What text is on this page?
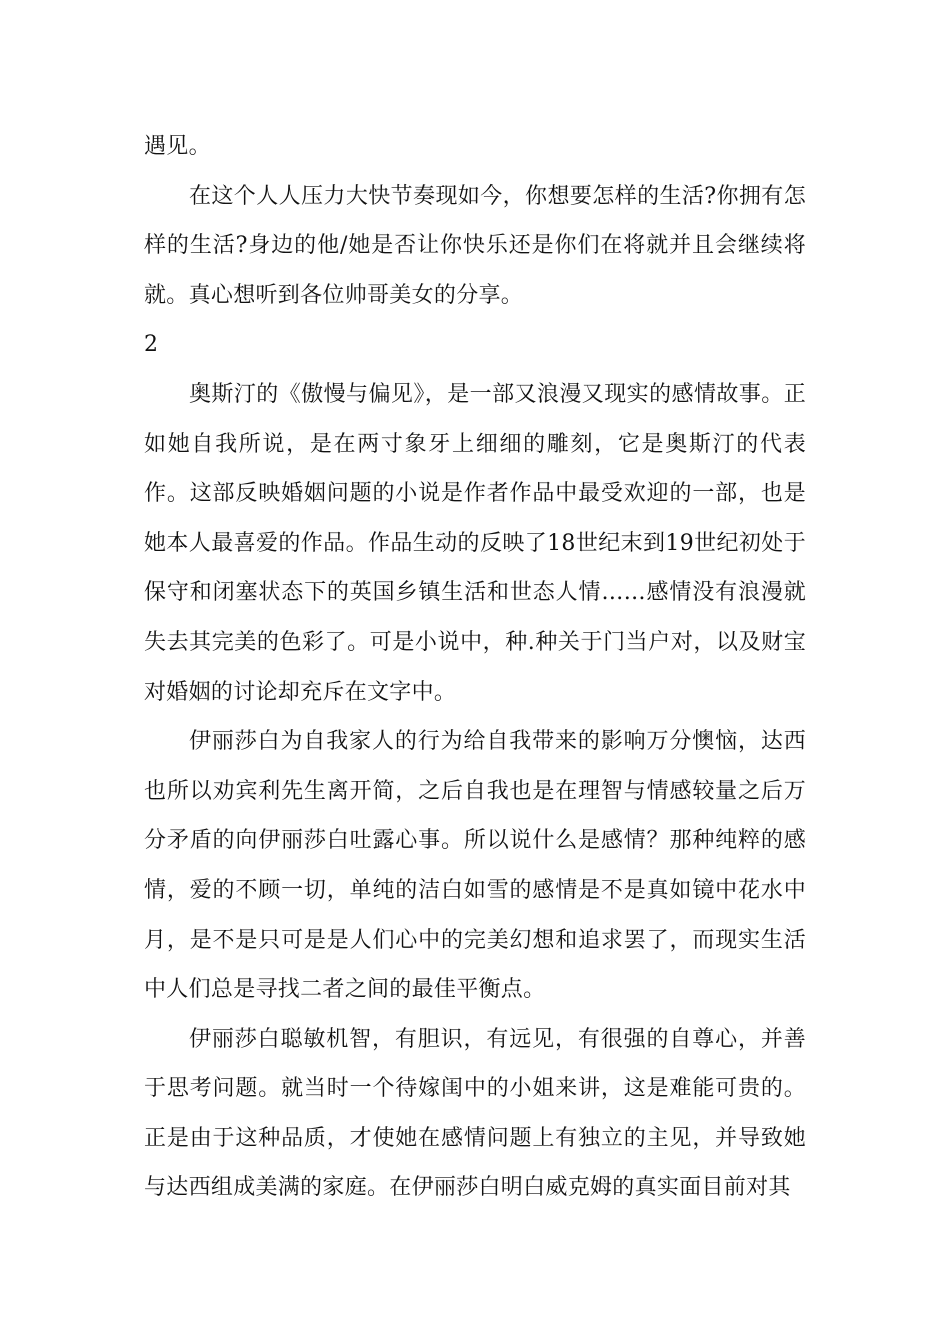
遇见。

在这个人人压力大快节奏现如今，你想要怎样的生活?你拥有怎样的生活?身边的他/她是否让你快乐还是你们在将就并且会继续将就。真心想听到各位帅哥美女的分享。

2

奥斯汀的《傲慢与偏见》，是一部又浪漫又现实的感情故事。正如她自我所说，是在两寸象牙上细细的雕刻，它是奥斯汀的代表作。这部反映婚姻问题的小说是作者作品中最受欢迎的一部，也是她本人最喜爱的作品。作品生动的反映了18世纪末到19世纪初处于保守和闭塞状态下的英国乡镇生活和世态人情……感情没有浪漫就失去其完美的色彩了。可是小说中，种.种关于门当户对，以及财宝对婚姻的讨论却充斥在文字中。

伊丽莎白为自我家人的行为给自我带来的影响万分懊恼，达西也所以劝宾利先生离开简，之后自我也是在理智与情感较量之后万分矛盾的向伊丽莎白吐露心事。所以说什么是感情？那种纯粹的感情，爱的不顾一切，单纯的洁白如雪的感情是不是真如镜中花水中月，是不是只可是是人们心中的完美幻想和追求罢了，而现实生活中人们总是寻找二者之间的最佳平衡点。

伊丽莎白聪敏机智，有胆识，有远见，有很强的自尊心，并善于思考问题。就当时一个待嫁闺中的小姐来讲，这是难能可贵的。正是由于这种品质，才使她在感情问题上有独立的主见，并导致她与达西组成美满的家庭。在伊丽莎白明白威克姆的真实面目前对其
